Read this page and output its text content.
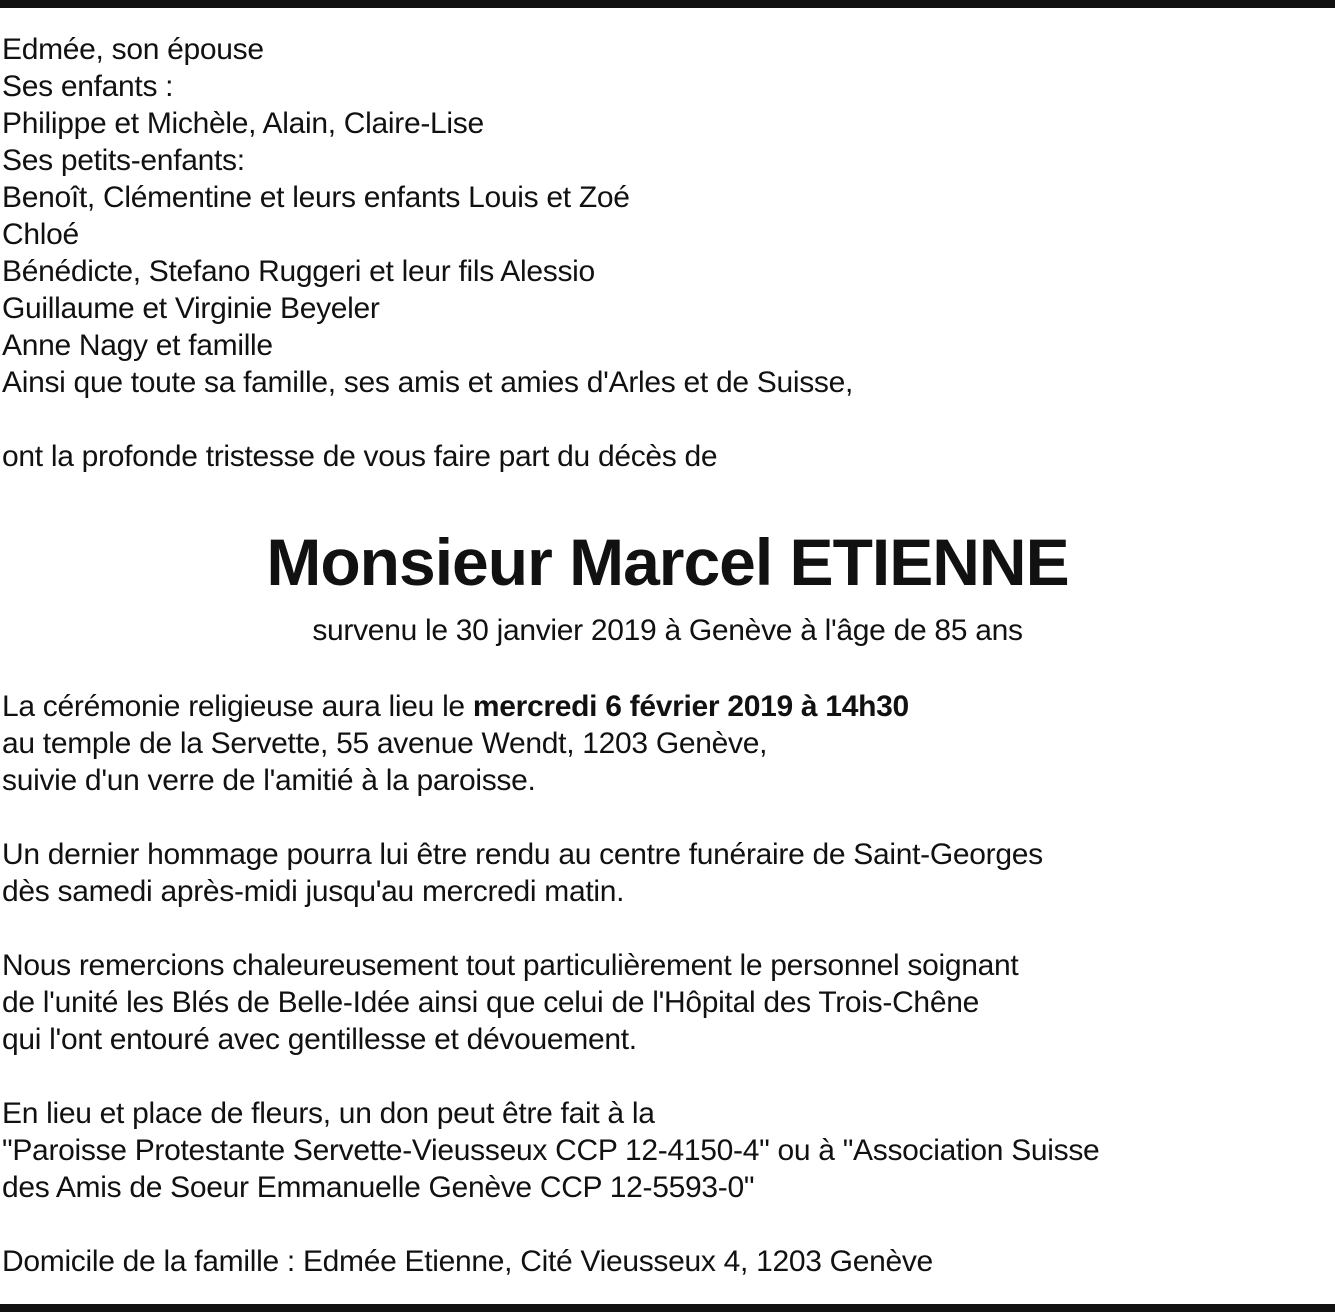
Edmée, son épouse
Ses enfants :
Philippe et Michèle, Alain, Claire-Lise
Ses petits-enfants:
Benoît, Clémentine et leurs enfants Louis et Zoé
Chloé
Bénédicte, Stefano Ruggeri et leur fils Alessio
Guillaume et Virginie Beyeler
Anne Nagy et famille
Ainsi que toute sa famille, ses amis et amies d'Arles et de Suisse,
ont la profonde tristesse de vous faire part du décès de
Monsieur Marcel ETIENNE
survenu le 30 janvier 2019 à Genève à l'âge de 85 ans
La cérémonie religieuse aura lieu le mercredi 6 février 2019 à 14h30
au temple de la Servette, 55 avenue Wendt, 1203 Genève,
suivie d'un verre de l'amitié à la paroisse.
Un dernier hommage pourra lui être rendu au centre funéraire de Saint-Georges
dès samedi après-midi jusqu'au mercredi matin.
Nous remercions chaleureusement tout particulièrement le personnel soignant
de l'unité les Blés de Belle-Idée ainsi que celui de l'Hôpital des Trois-Chêne
qui l'ont entouré avec gentillesse et dévouement.
En lieu et place de fleurs, un don peut être fait à la
"Paroisse Protestante Servette-Vieusseux CCP 12-4150-4" ou à "Association Suisse
des Amis de Soeur Emmanuelle Genève CCP 12-5593-0"
Domicile de la famille : Edmée Etienne, Cité Vieusseux 4, 1203 Genève
